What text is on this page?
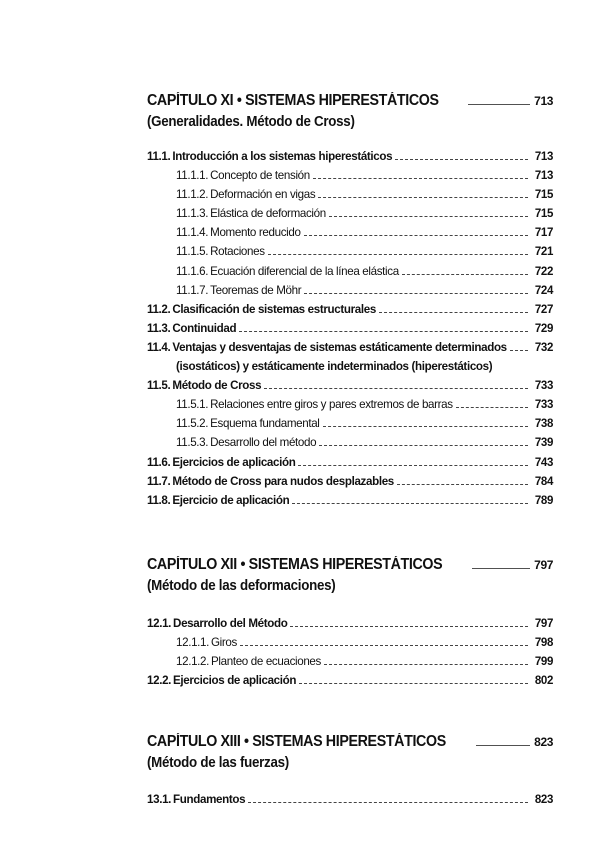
CAPÍTULO XI • SISTEMAS HIPERESTÁTICOS	713
(Generalidades. Método de Cross)
11.1. Introducción a los sistemas hiperestáticos	713
11.1.1. Concepto de tensión	713
11.1.2. Deformación en vigas	715
11.1.3. Elástica de deformación	715
11.1.4. Momento reducido	717
11.1.5. Rotaciones	721
11.1.6. Ecuación diferencial de la línea elástica	722
11.1.7. Teoremas de Möhr	724
11.2. Clasificación de sistemas estructurales	727
11.3. Continuidad	729
11.4. Ventajas y desventajas de sistemas estáticamente determinados	732
(isostáticos) y estáticamente indeterminados (hiperestáticos)
11.5. Método de Cross	733
11.5.1. Relaciones entre giros y pares extremos de barras	733
11.5.2. Esquema fundamental	738
11.5.3. Desarrollo del método	739
11.6. Ejercicios de aplicación	743
11.7. Método de Cross para nudos desplazables	784
11.8. Ejercicio de aplicación	789
CAPÍTULO XII • SISTEMAS HIPERESTÁTICOS	797
(Método de las deformaciones)
12.1. Desarrollo del Método	797
12.1.1. Giros	798
12.1.2. Planteo de ecuaciones	799
12.2. Ejercicios de aplicación	802
CAPÍTULO XIII • SISTEMAS HIPERESTÁTICOS	823
(Método de las fuerzas)
13.1. Fundamentos	823
